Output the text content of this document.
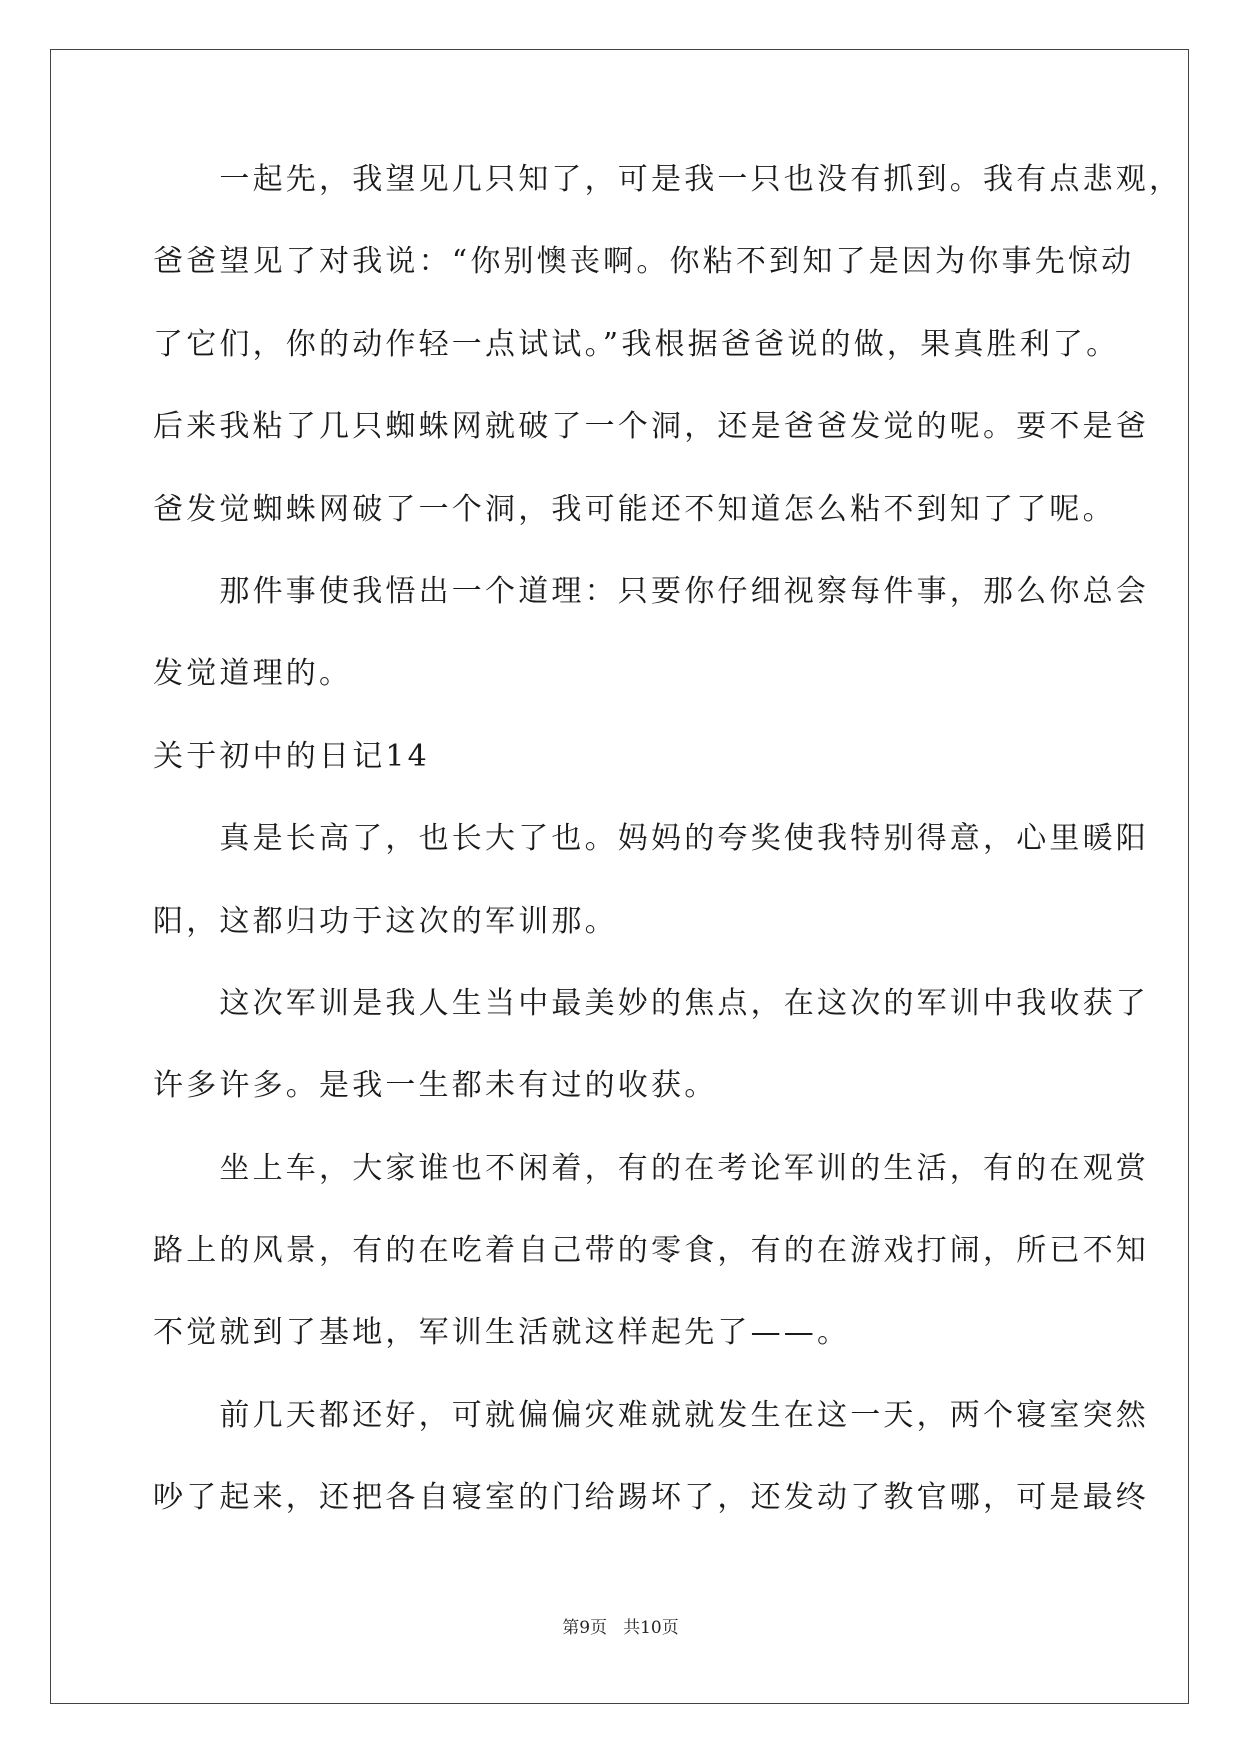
　　一起先，我望见几只知了，可是我一只也没有抓到。我有点悲观，
爸爸望见了对我说：“你别懊丧啊。你粘不到知了是因为你事先惊动
了它们，你的动作轻一点试试。”我根据爸爸说的做，果真胜利了。
后来我粘了几只蜘蛛网就破了一个洞，还是爸爸发觉的呢。要不是爸
爸发觉蜘蛛网破了一个洞，我可能还不知道怎么粘不到知了了呢。
　　那件事使我悟出一个道理：只要你仔细视察每件事，那么你总会
发觉道理的。
关于初中的日记14
　　真是长高了，也长大了也。妈妈的夸奖使我特别得意，心里暖阳
阳，这都归功于这次的军训那。
　　这次军训是我人生当中最美妙的焦点，在这次的军训中我收获了
许多许多。是我一生都未有过的收获。
　　坐上车，大家谁也不闲着，有的在考论军训的生活，有的在观赏
路上的风景，有的在吃着自己带的零食，有的在游戏打闹，所已不知
不觉就到了基地，军训生活就这样起先了——。
　　前几天都还好，可就偏偏灾难就就发生在这一天，两个寝室突然
吵了起来，还把各自寝室的门给踢坏了，还发动了教官哪，可是最终
第9页 共10页
